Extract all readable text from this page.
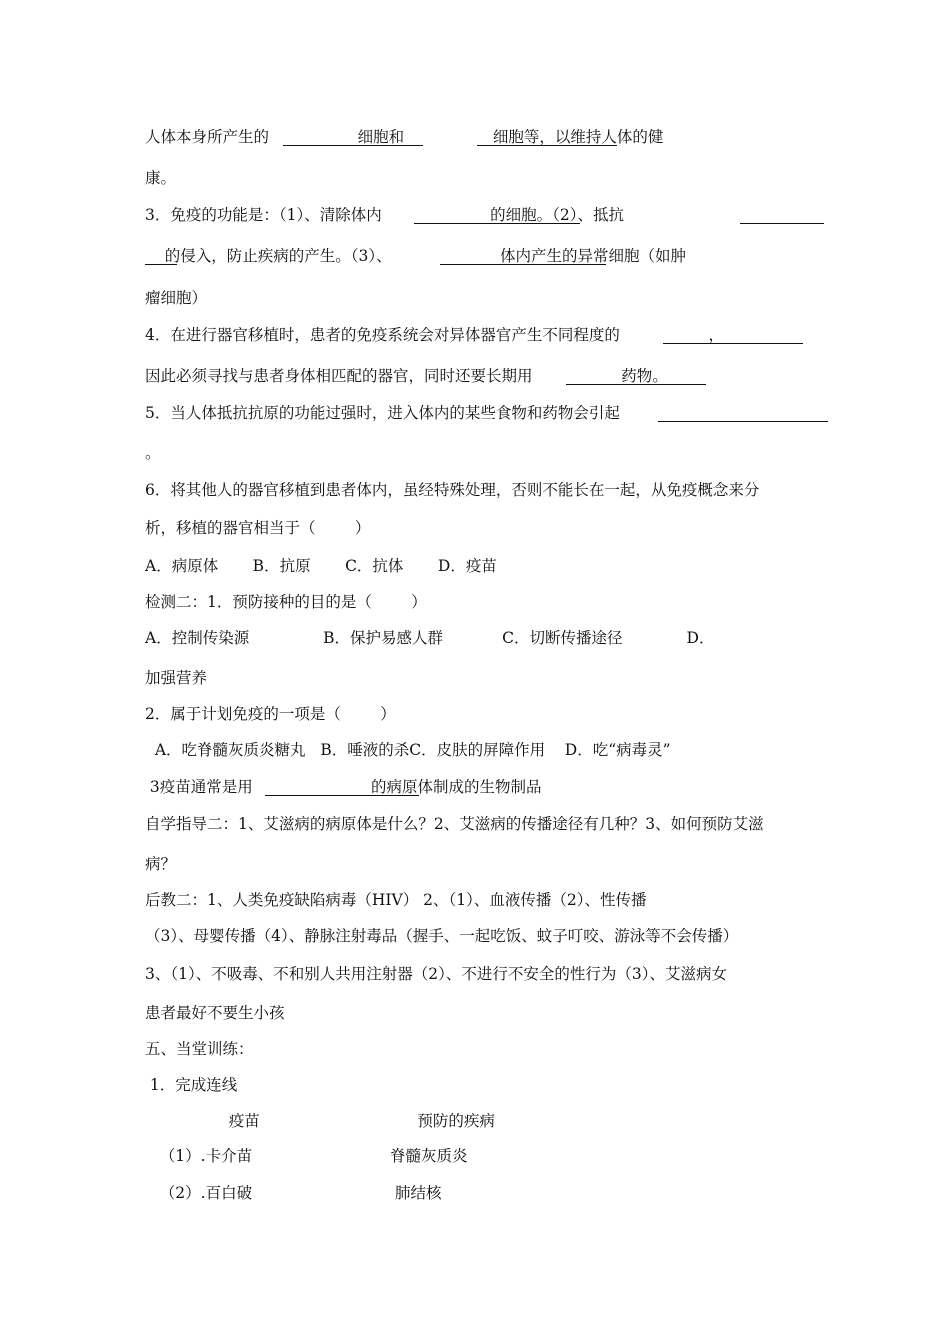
人体本身所产生的                  细胞和                  细胞等，以维持人体的健
康。
3．免疫的功能是：（1）、清除体内                      的细胞。（2）、抵抗
的侵入，防止疾病的产生。（3）、                      体内产生的异常细胞（如肿
瘤细胞）
4．在进行器官移植时，患者的免疫系统会对异体器官产生不同程度的                  ，
因此必须寻找与患者身体相匹配的器官，同时还要长期用                  药物。
5．当人体抵抗抗原的功能过强时，进入体内的某些食物和药物会引起
。
6．将其他人的器官移植到患者体内，虽经特殊处理，否则不能长在一起，从免疫概念来分
析，移植的器官相当于（        ）
A．病原体       B．抗原       C．抗体       D．疫苗
检测二：1．预防接种的目的是（        ）
A．控制传染源               B．保护易感人群            C．切断传播途径             D．
加强营养
2．属于计划免疫的一项是（        ）
A．吃脊髓灰质炎糖丸   B．唾液的杀C．皮肤的屏障作用    D．吃“病毒灵”
3疫苗通常是用                        的病原体制成的生物制品
自学指导二：1、艾滋病的病原体是什么？2、艾滋病的传播途径有几种？3、如何预防艾滋
病？
后教二：1、人类免疫缺陷病毒（HIV） 2、（1）、血液传播（2）、性传播
（3）、母婴传播（4）、静脉注射毒品（握手、一起吃饭、蚊子叮咬、游泳等不会传播）
3、（1）、不吸毒、不和别人共用注射器（2）、不进行不安全的性行为（3）、艾滋病女
患者最好不要生小孩
五、当堂训练：
1．完成连线
疫苗                                预防的疾病
（1）.卡介苗                            脊髓灰质炎
（2）.百白破                             肺结核
